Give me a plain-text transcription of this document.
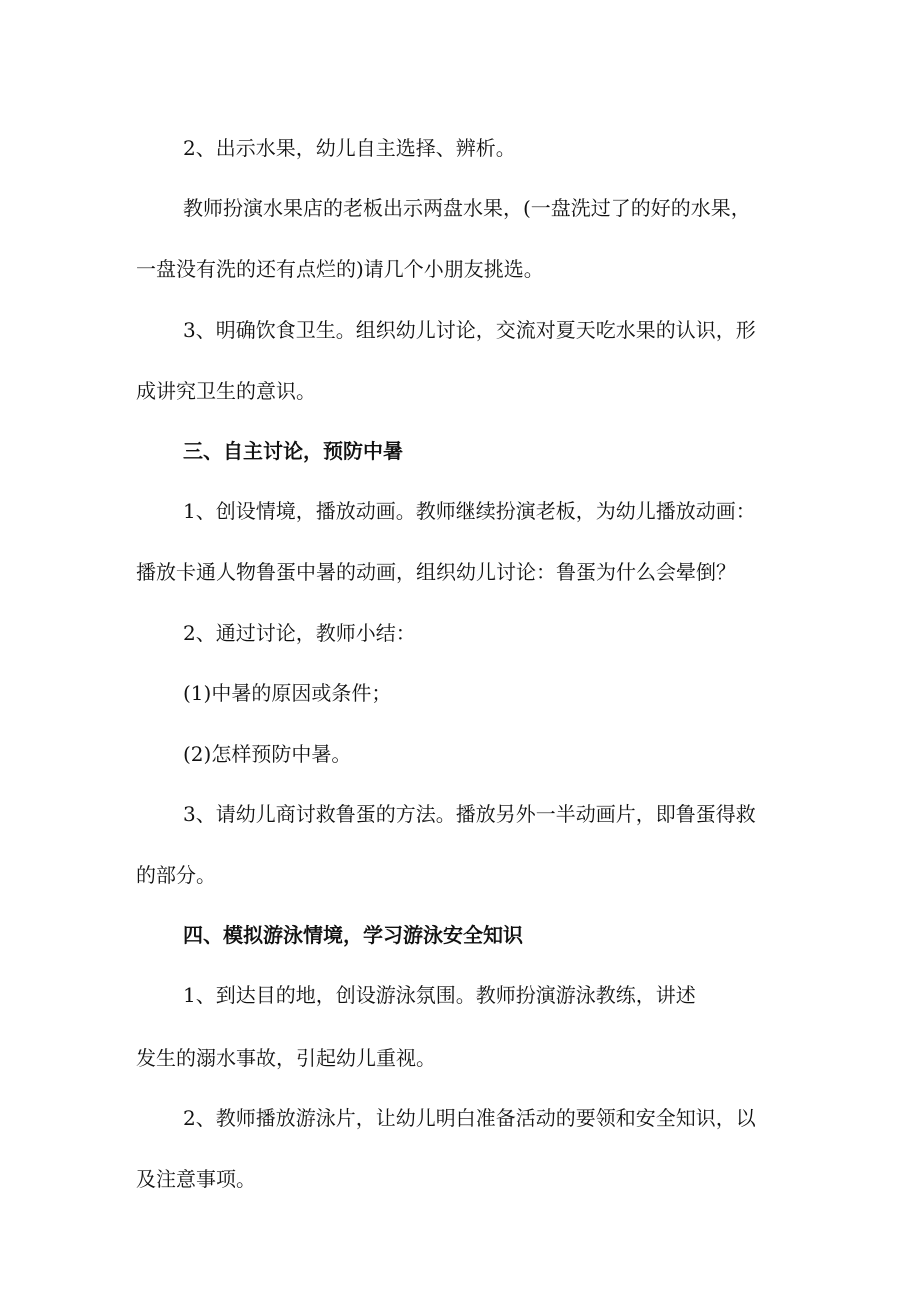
2、出示水果，幼儿自主选择、辨析。
教师扮演水果店的老板出示两盘水果，(一盘洗过了的好的水果，
一盘没有洗的还有点烂的)请几个小朋友挑选。
3、明确饮食卫生。组织幼儿讨论，交流对夏天吃水果的认识，形
成讲究卫生的意识。
三、自主讨论，预防中暑
1、创设情境，播放动画。教师继续扮演老板，为幼儿播放动画：
播放卡通人物鲁蛋中暑的动画，组织幼儿讨论：鲁蛋为什么会晕倒？
2、通过讨论，教师小结：
(1)中暑的原因或条件；
(2)怎样预防中暑。
3、请幼儿商讨救鲁蛋的方法。播放另外一半动画片，即鲁蛋得救
的部分。
四、模拟游泳情境，学习游泳安全知识
1、到达目的地，创设游泳氛围。教师扮演游泳教练，讲述
发生的溺水事故，引起幼儿重视。
2、教师播放游泳片，让幼儿明白准备活动的要领和安全知识，以
及注意事项。
